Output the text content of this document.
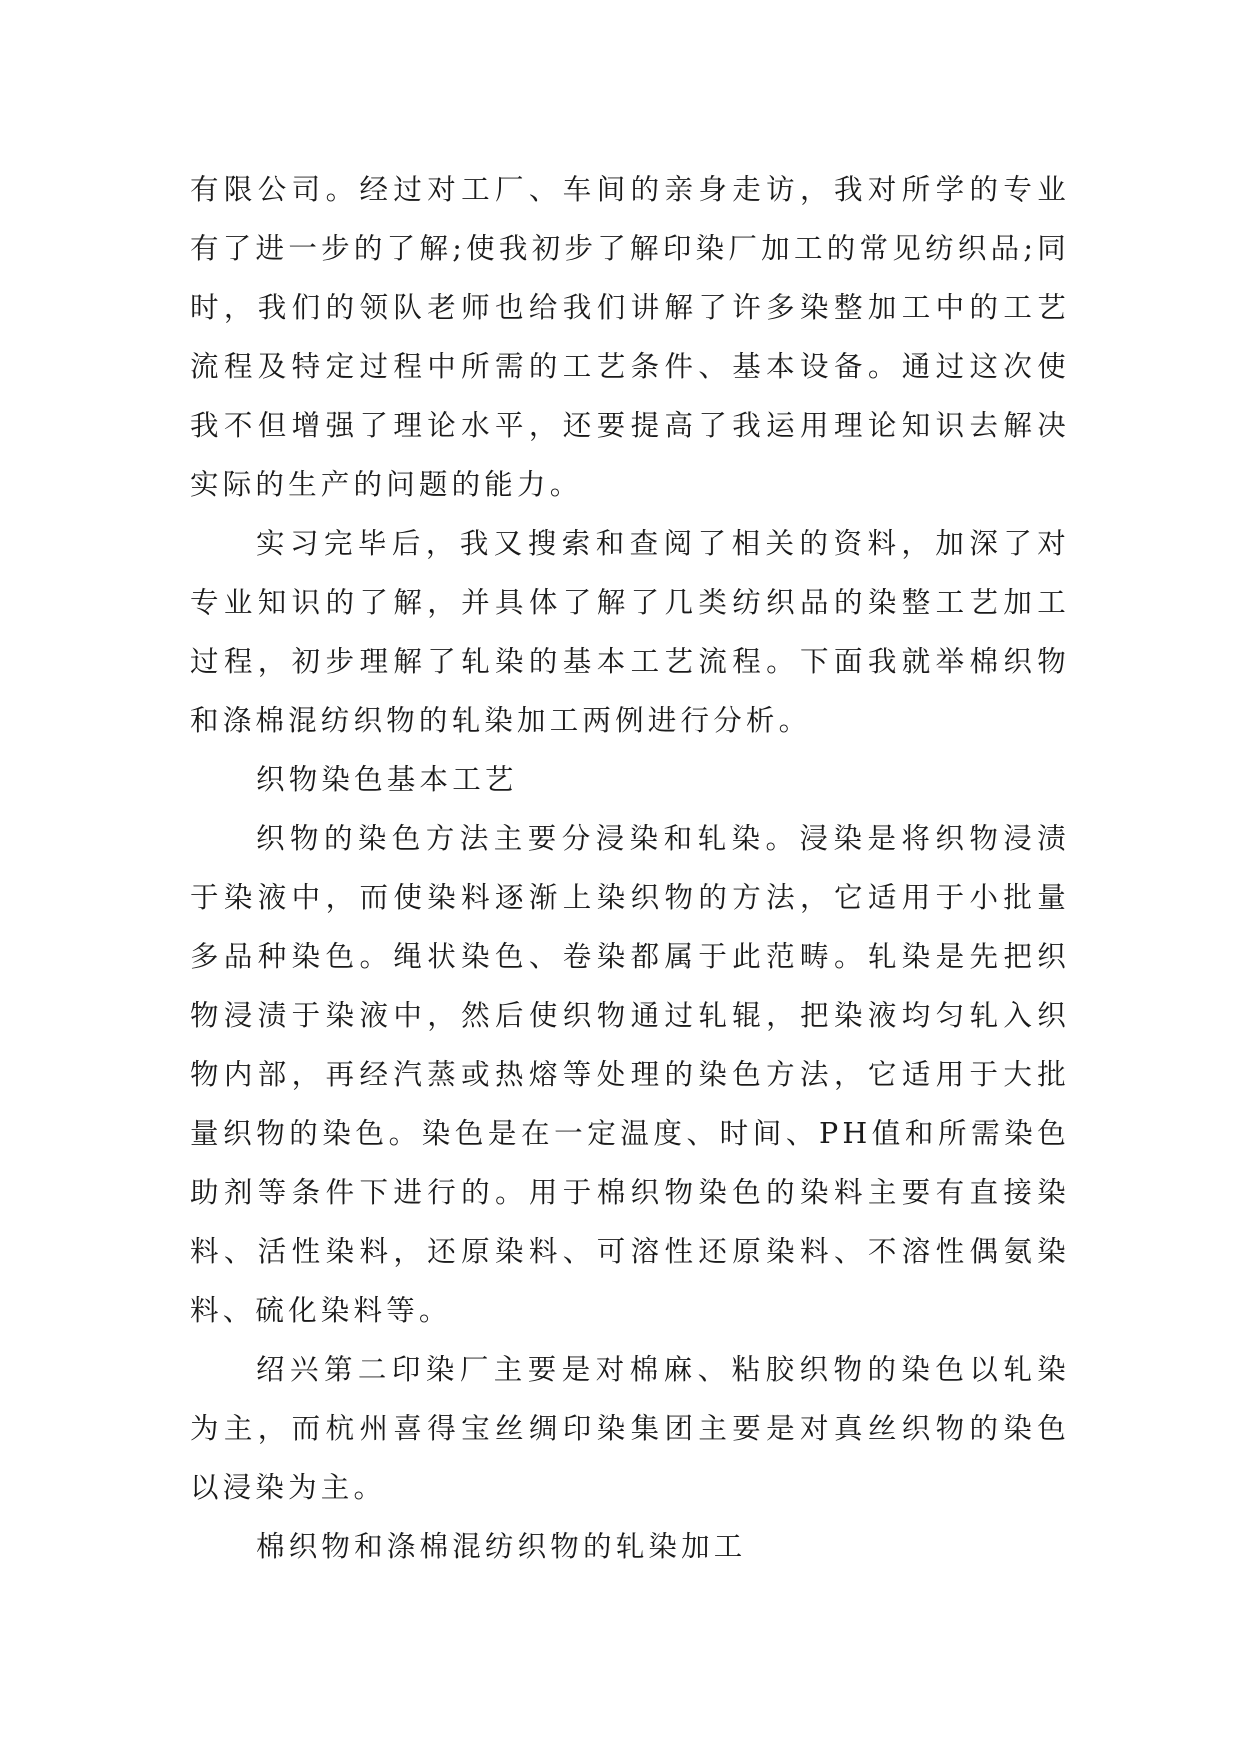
有限公司。经过对工厂、车间的亲身走访，我对所学的专业有了进一步的了解;使我初步了解印染厂加工的常见纺织品;同时，我们的领队老师也给我们讲解了许多染整加工中的工艺流程及特定过程中所需的工艺条件、基本设备。通过这次使我不但增强了理论水平，还要提高了我运用理论知识去解决实际的生产的问题的能力。

实习完毕后，我又搜索和查阅了相关的资料，加深了对专业知识的了解，并具体了解了几类纺织品的染整工艺加工过程，初步理解了轧染的基本工艺流程。下面我就举棉织物和涤棉混纺织物的轧染加工两例进行分析。

织物染色基本工艺

织物的染色方法主要分浸染和轧染。浸染是将织物浸渍于染液中，而使染料逐渐上染织物的方法，它适用于小批量多品种染色。绳状染色、卷染都属于此范畴。轧染是先把织物浸渍于染液中，然后使织物通过轧辊，把染液均匀轧入织物内部，再经汽蒸或热熔等处理的染色方法，它适用于大批量织物的染色。染色是在一定温度、时间、PH值和所需染色助剂等条件下进行的。用于棉织物染色的染料主要有直接染料、活性染料，还原染料、可溶性还原染料、不溶性偶氨染料、硫化染料等。

绍兴第二印染厂主要是对棉麻、粘胶织物的染色以轧染为主，而杭州喜得宝丝绸印染集团主要是对真丝织物的染色以浸染为主。

棉织物和涤棉混纺织物的轧染加工
